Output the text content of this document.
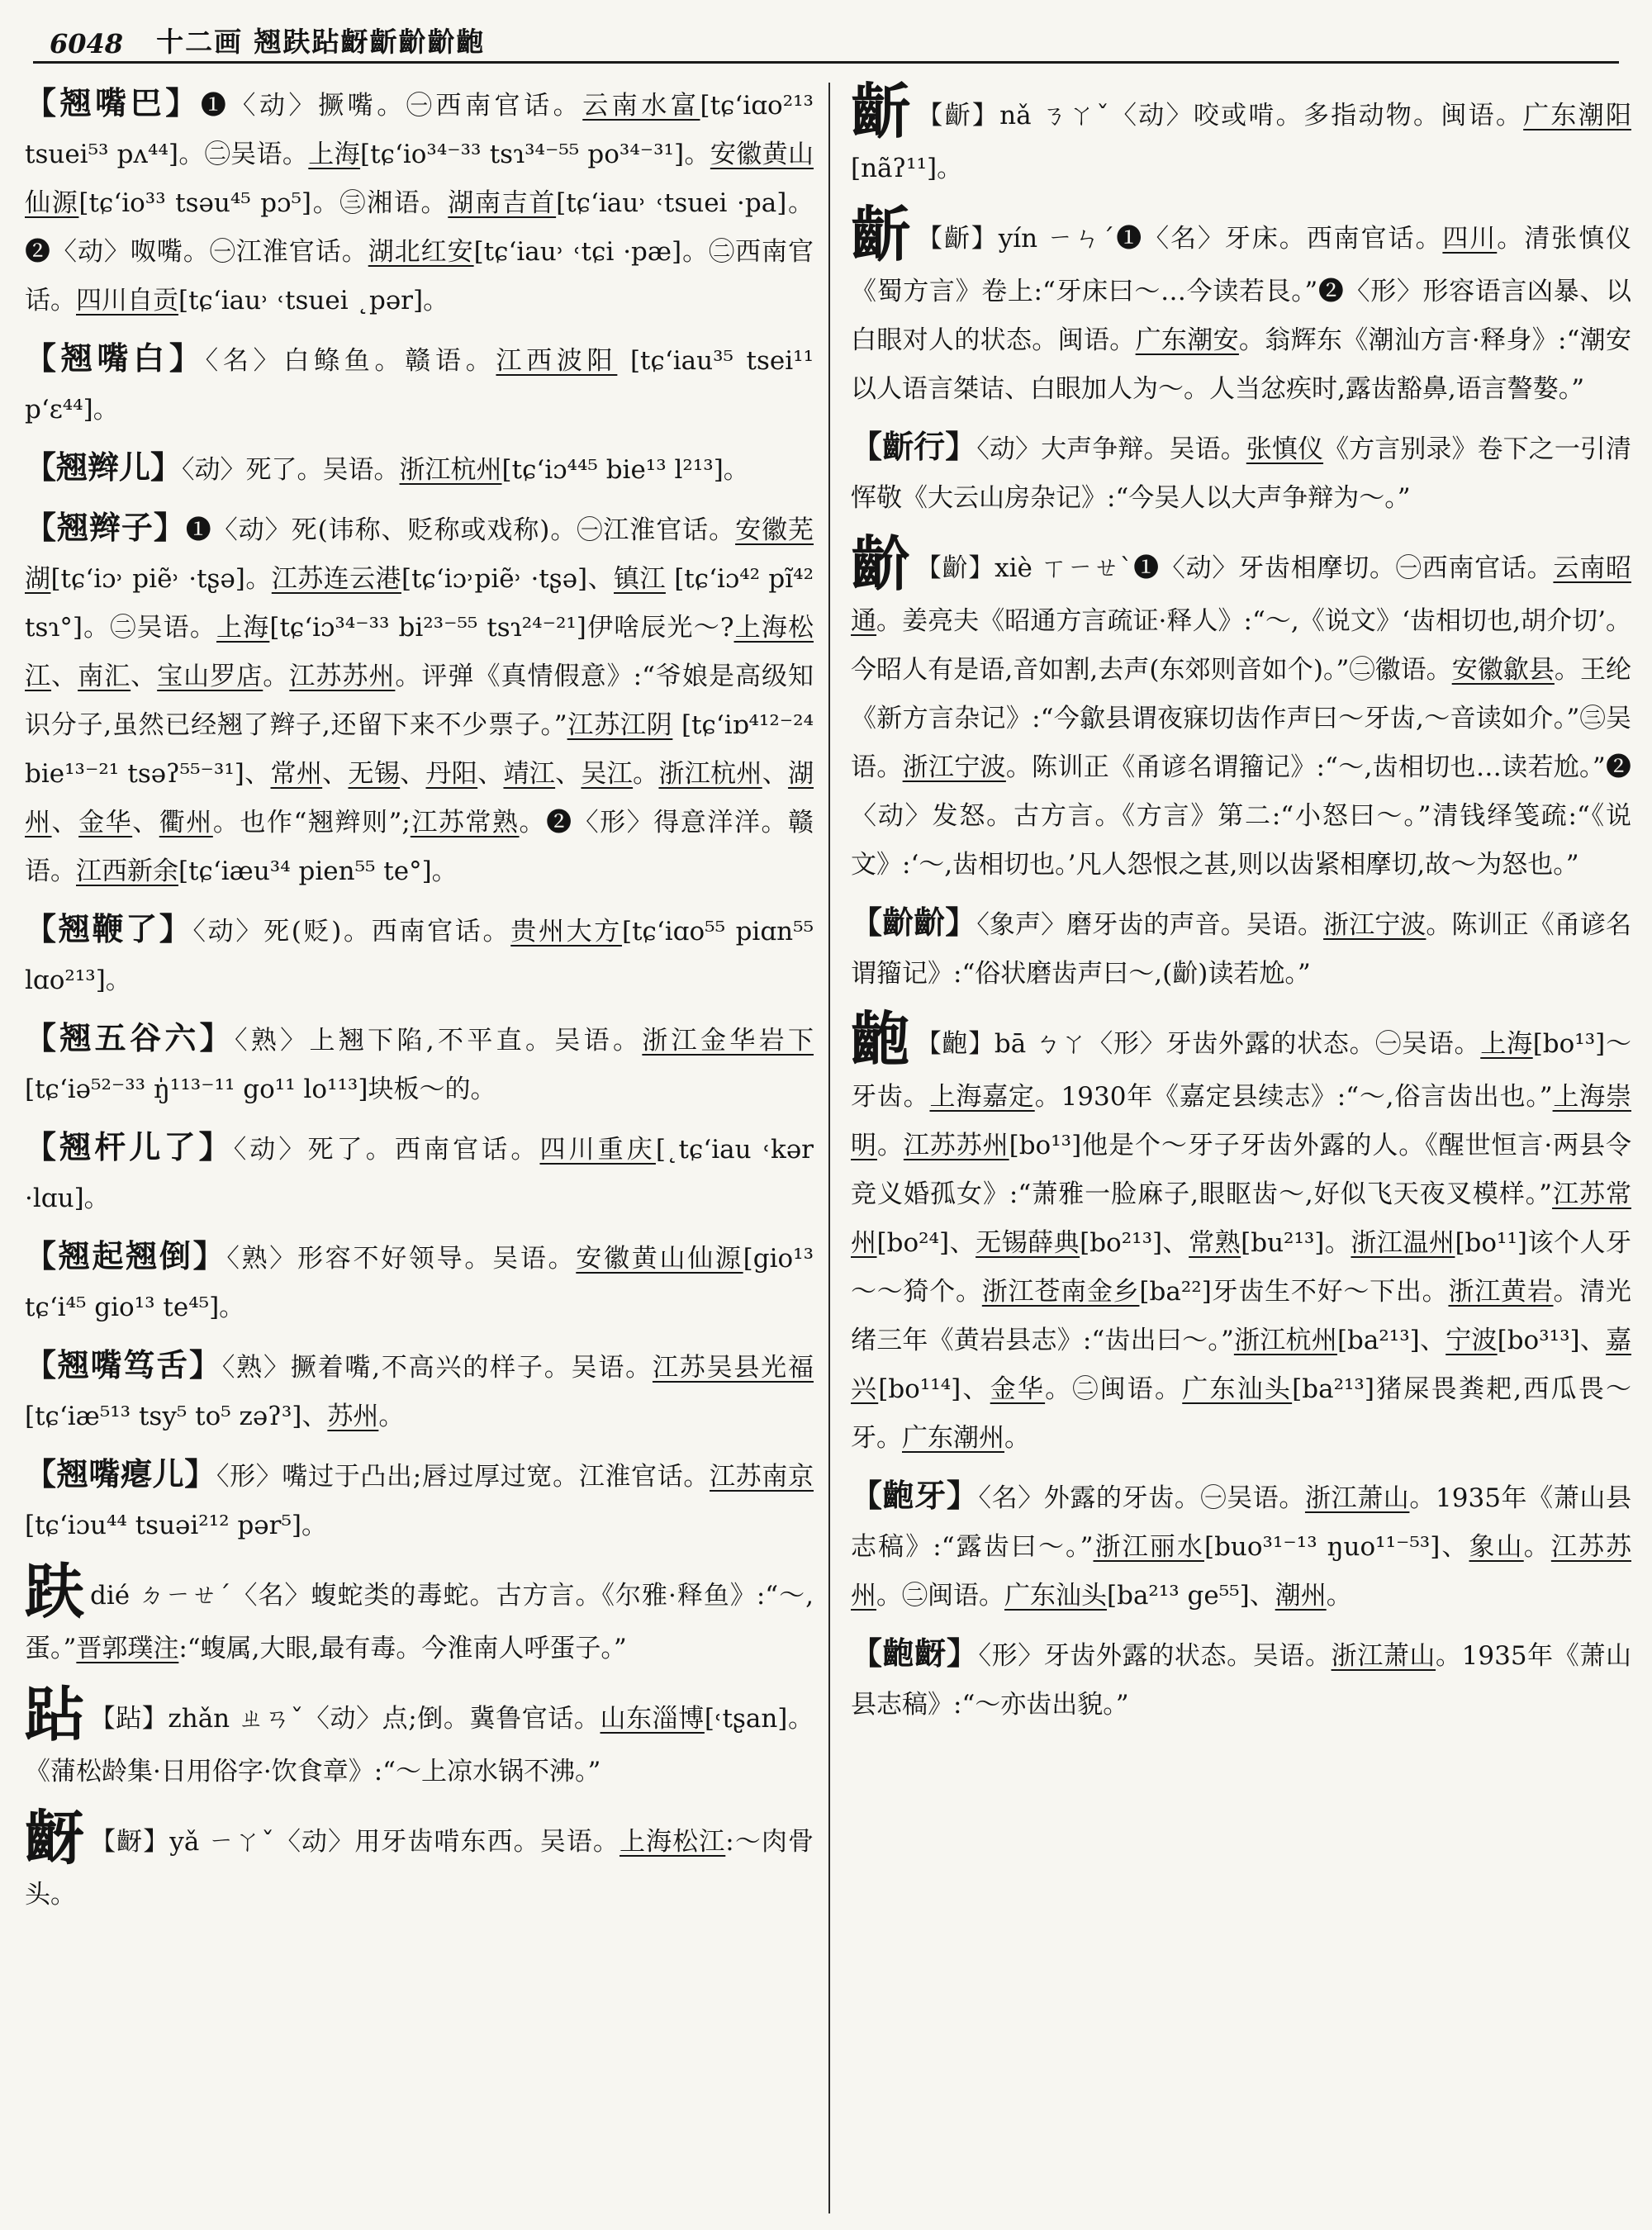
6048 十二画 翘趺跕齖齗齘齘齙
【翘嘴巴】❶〈动〉撅嘴。㊀西南官话。云南水富[tɕʻiɑo²¹³ tsuei⁵³ pʌ⁴⁴]。㊁吴语。上海[tɕʻio³⁴⁻³³ tsɿ³⁴⁻⁵⁵ po³⁴⁻³¹]。安徽黄山仙源[tɕʻio³³ tsəu⁴⁵ pɔ⁵]。㊂湘语。湖南吉首[tɕʻiau˒ ˓tsuei ·pa]。❷〈动〉呶嘴。㊀江淮官话。湖北红安[tɕʻiau˒ ˓tɕi ·pæ]。㊁西南官话。四川自贡[tɕʻiau˒ ˓tsuei ˛pər]。
【翘嘴白】〈名〉白鲦鱼。赣语。江西波阳 [tɕʻiau³⁵ tsei¹¹ pʻɛ⁴⁴]。
【翘辫儿】〈动〉死了。吴语。浙江杭州[tɕʻiɔ⁴⁴⁵ bie¹³ l²¹³]。
【翘辫子】❶〈动〉死(讳称、贬称或戏称)。㊀江淮官话。安徽芜湖[tɕʻiɔ˒ piẽ˒ ·tʂə]。江苏连云港[tɕʻiɔ˒piẽ˒ ·tʂə]、镇江 [tɕʻiɔ⁴² pĩ⁴² tsɿ°]。㊁吴语。上海[tɕʻiɔ³⁴⁻³³ bi²³⁻⁵⁵ tsɿ²⁴⁻²¹]伊啥辰光～?上海松江、南汇、宝山罗店。江苏苏州。评弹《真情假意》:“爷娘是高级知识分子,虽然已经翘了辫子,还留下来不少票子。”江苏江阴 [tɕʻiɒ⁴¹²⁻²⁴ bie¹³⁻²¹ tsəʔ⁵⁵⁻³¹]、常州、无锡、丹阳、靖江、吴江。浙江杭州、湖州、金华、衢州。也作“翘辫则”;江苏常熟。❷〈形〉得意洋洋。赣语。江西新余[tɕʻiæu³⁴ pien⁵⁵ te°]。
【翘鞭了】〈动〉死(贬)。西南官话。贵州大方[tɕʻiɑo⁵⁵ piɑn⁵⁵ lɑo²¹³]。
【翘五谷六】〈熟〉上翘下陷,不平直。吴语。浙江金华岩下[tɕʻiə⁵²⁻³³ ŋ̍¹¹³⁻¹¹ go¹¹ lo¹¹³]块板～的。
【翘杆儿了】〈动〉死了。西南官话。四川重庆[˛tɕʻiau ˓kər ·lɑu]。
【翘起翘倒】〈熟〉形容不好领导。吴语。安徽黄山仙源[gio¹³ tɕʻi⁴⁵ gio¹³ te⁴⁵]。
【翘嘴笃舌】〈熟〉撅着嘴,不高兴的样子。吴语。江苏吴县光福[tɕʻiæ⁵¹³ tsy⁵ to⁵ zəʔ³]、苏州。
【翘嘴瘪儿】〈形〉嘴过于凸出;唇过厚过宽。江淮官话。江苏南京[tɕʻiɔu⁴⁴ tsuəi²¹² pər⁵]。
趺dié ㄉㄧㄝˊ〈名〉蝮蛇类的毒蛇。古方言。《尔雅·释鱼》:“～,蛋。”晋郭璞注:“蝮属,大眼,最有毒。今淮南人呼蛋子。”
跕 【跕】zhǎn ㄓㄢˇ〈动〉点;倒。冀鲁官话。山东淄博[˓tʂan]。《蒲松龄集·日用俗字·饮食章》:“～上凉水锅不沸。”
齖 【齖】yǎ ㄧㄚˇ〈动〉用牙齿啃东西。吴语。上海松江:～肉骨头。
齗 【齗】nǎ ㄋㄚˇ〈动〉咬或啃。多指动物。闽语。广东潮阳[nãʔ¹¹]。
齗 【齗】yín ㄧㄣˊ❶〈名〉牙床。西南官话。四川。清张慎仪《蜀方言》卷上:“牙床曰～…今读若艮。”❷〈形〉形容语言凶暴、以白眼对人的状态。闽语。广东潮安。翁辉东《潮汕方言·释身》:“潮安以人语言桀诘、白眼加人为～。人当忿疾时,露齿豁鼻,语言謷嫯。”
【齗行】〈动〉大声争辩。吴语。张慎仪《方言别录》卷下之一引清恽敬《大云山房杂记》:“今吴人以大声争辩为～。”
齘 【齘】xiè ㄒㄧㄝˋ❶〈动〉牙齿相摩切。㊀西南官话。云南昭通。姜亮夫《昭通方言疏证·释人》:“～,《说文》‘齿相切也,胡介切’。今昭人有是语,音如割,去声(东郊则音如个)。”㊁徽语。安徽歙县。王纶《新方言杂记》:“今歙县谓夜寐切齿作声曰～牙齿,～音读如介。”㊂吴语。浙江宁波。陈训正《甬谚名谓籀记》:“～,齿相切也…读若尬。”❷〈动〉发怒。古方言。《方言》第二:“小怒曰～。”清钱绎笺疏:“《说文》:‘～,齿相切也。’凡人怨恨之甚,则以齿紧相摩切,故～为怒也。”
【齘齘】〈象声〉磨牙齿的声音。吴语。浙江宁波。陈训正《甬谚名谓籀记》:“俗状磨齿声曰～,(齘)读若尬。”
齙 【齙】bā ㄅㄚ〈形〉牙齿外露的状态。㊀吴语。上海[bo¹³]～牙齿。上海嘉定。1930年《嘉定县续志》:“～,俗言齿出也。”上海崇明。江苏苏州[bo¹³]他是个～牙子牙齿外露的人。《醒世恒言·两县令竞义婚孤女》:“萧雅一脸麻子,眼眍齿～,好似飞天夜叉模样。”江苏常州[bo²⁴]、无锡薛典[bo²¹³]、常熟[bu²¹³]。浙江温州[bo¹¹]该个人牙～～猗个。浙江苍南金乡[ba²²]牙齿生不好～下出。浙江黄岩。清光绪三年《黄岩县志》:“齿出曰～。”浙江杭州[ba²¹³]、宁波[bo³¹³]、嘉兴[bo¹¹⁴]、金华。㊁闽语。广东汕头[ba²¹³]猪屎畏粪耙,西瓜畏～牙。广东潮州。
【齙牙】〈名〉外露的牙齿。㊀吴语。浙江萧山。1935年《萧山县志稿》:“露齿曰～。”浙江丽水[buo³¹⁻¹³ ŋuo¹¹⁻⁵³]、象山。江苏苏州。㊁闽语。广东汕头[ba²¹³ ge⁵⁵]、潮州。
【齙齖】〈形〉牙齿外露的状态。吴语。浙江萧山。1935年《萧山县志稿》:“～亦齿出貌。”
